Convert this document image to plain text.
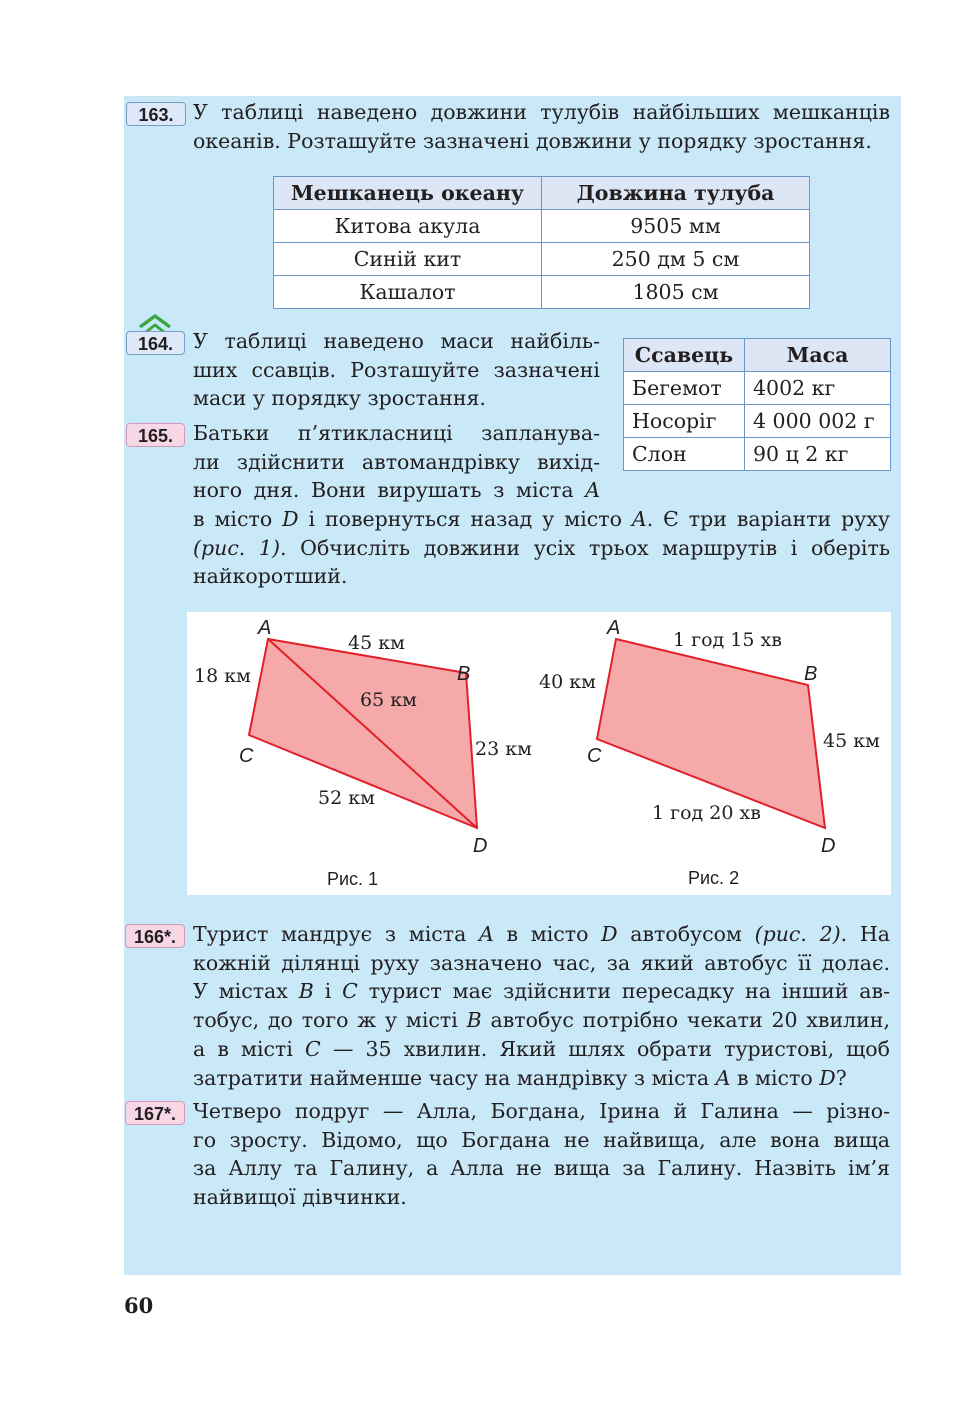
163. У таблиці наведено довжини тулубів найбільших мешканців
океанів. Розташуйте зазначені довжини у порядку зростання.
Мешканець океану	Довжина тулуба
Китова акула	9505 мм
Синій кит	250 дм 5 см
Кашалот	1805 см
164. У таблиці наведено маси найбіль-
ших ссавців. Розташуйте зазначені
маси у порядку зростання.
Ссавець	Маса
Бегемот	4002 кг
Носоріг	4 000 002 г
Слон	90 ц 2 кг
165. Батьки п’ятикласниці запланува-
ли здійснити автомандрівку вихід-
ного дня. Вони вирушать з міста A
в місто D і повернуться назад у місто A. Є три варіанти руху
(рис. 1). Обчисліть довжини усіх трьох маршрутів і оберіть
найкоротший.
A
B
C
D
45 км
18 км
65 км
23 км
52 км
Рис. 1
A
B
C
D
1 год 15 хв
40 км
45 км
1 год 20 хв
Рис. 2
166*. Турист мандрує з міста A в місто D автобусом (рис. 2). На
кожній ділянці руху зазначено час, за який автобус її долає.
У містах B і C турист має здійснити пересадку на інший ав-
тобус, до того ж у місті B автобус потрібно чекати 20 хвилин,
а в місті C — 35 хвилин. Який шлях обрати туристові, щоб
затратити найменше часу на мандрівку з міста A в місто D?
167*. Четверо подруг — Алла, Богдана, Ірина й Галина — різно-
го зросту. Відомо, що Богдана не найвища, але вона вища
за Аллу та Галину, а Алла не вища за Галину. Назвіть ім’я
найвищої дівчинки.
60
